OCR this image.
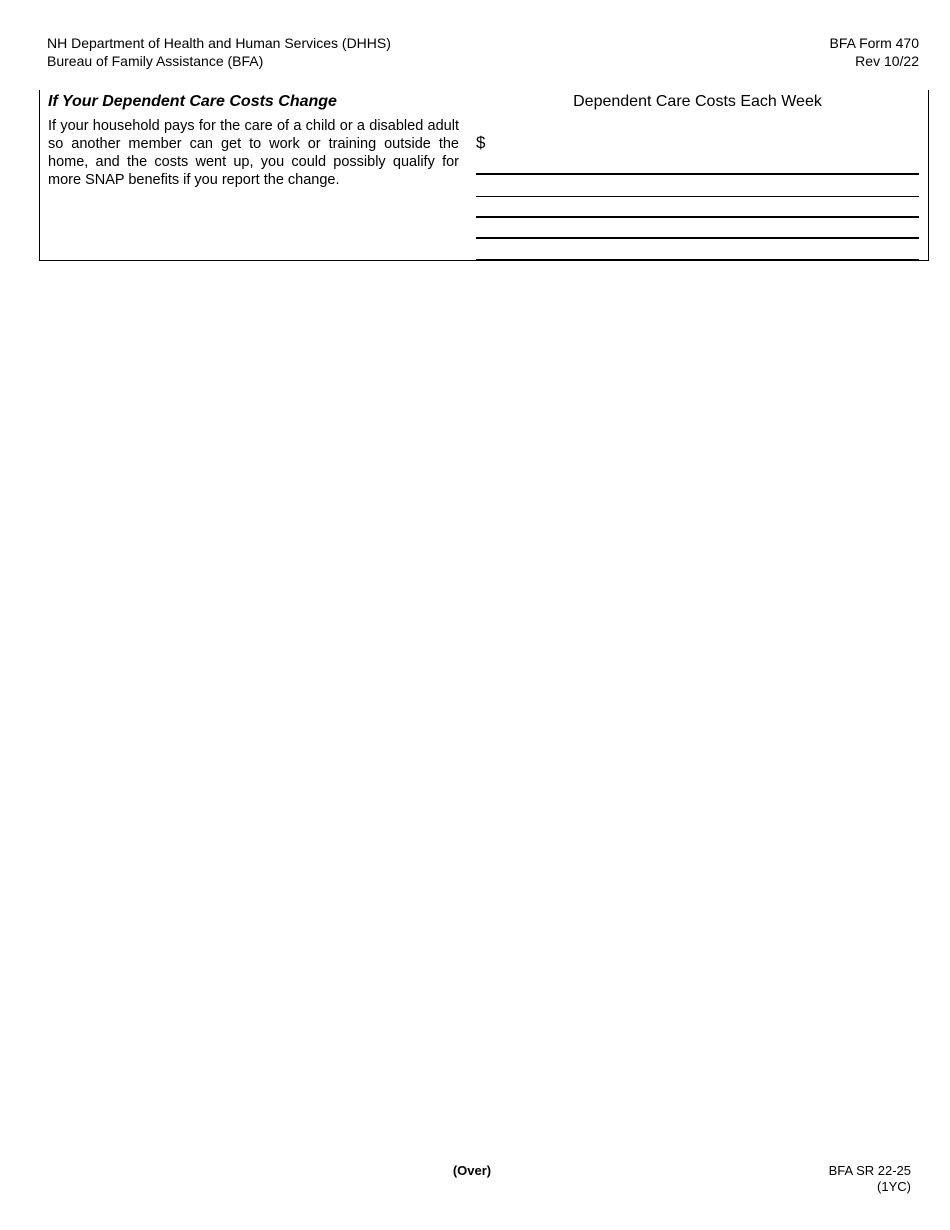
NH Department of Health and Human Services (DHHS)
Bureau of Family Assistance (BFA)
BFA Form 470
Rev 10/22
If Your Dependent Care Costs Change
If your household pays for the care of a child or a disabled adult so another member can get to work or training outside the home, and the costs went up, you could possibly qualify for more SNAP benefits if you report the change.
Dependent Care Costs Each Week
$
(Over)	BFA SR 22-25
(1YC)
